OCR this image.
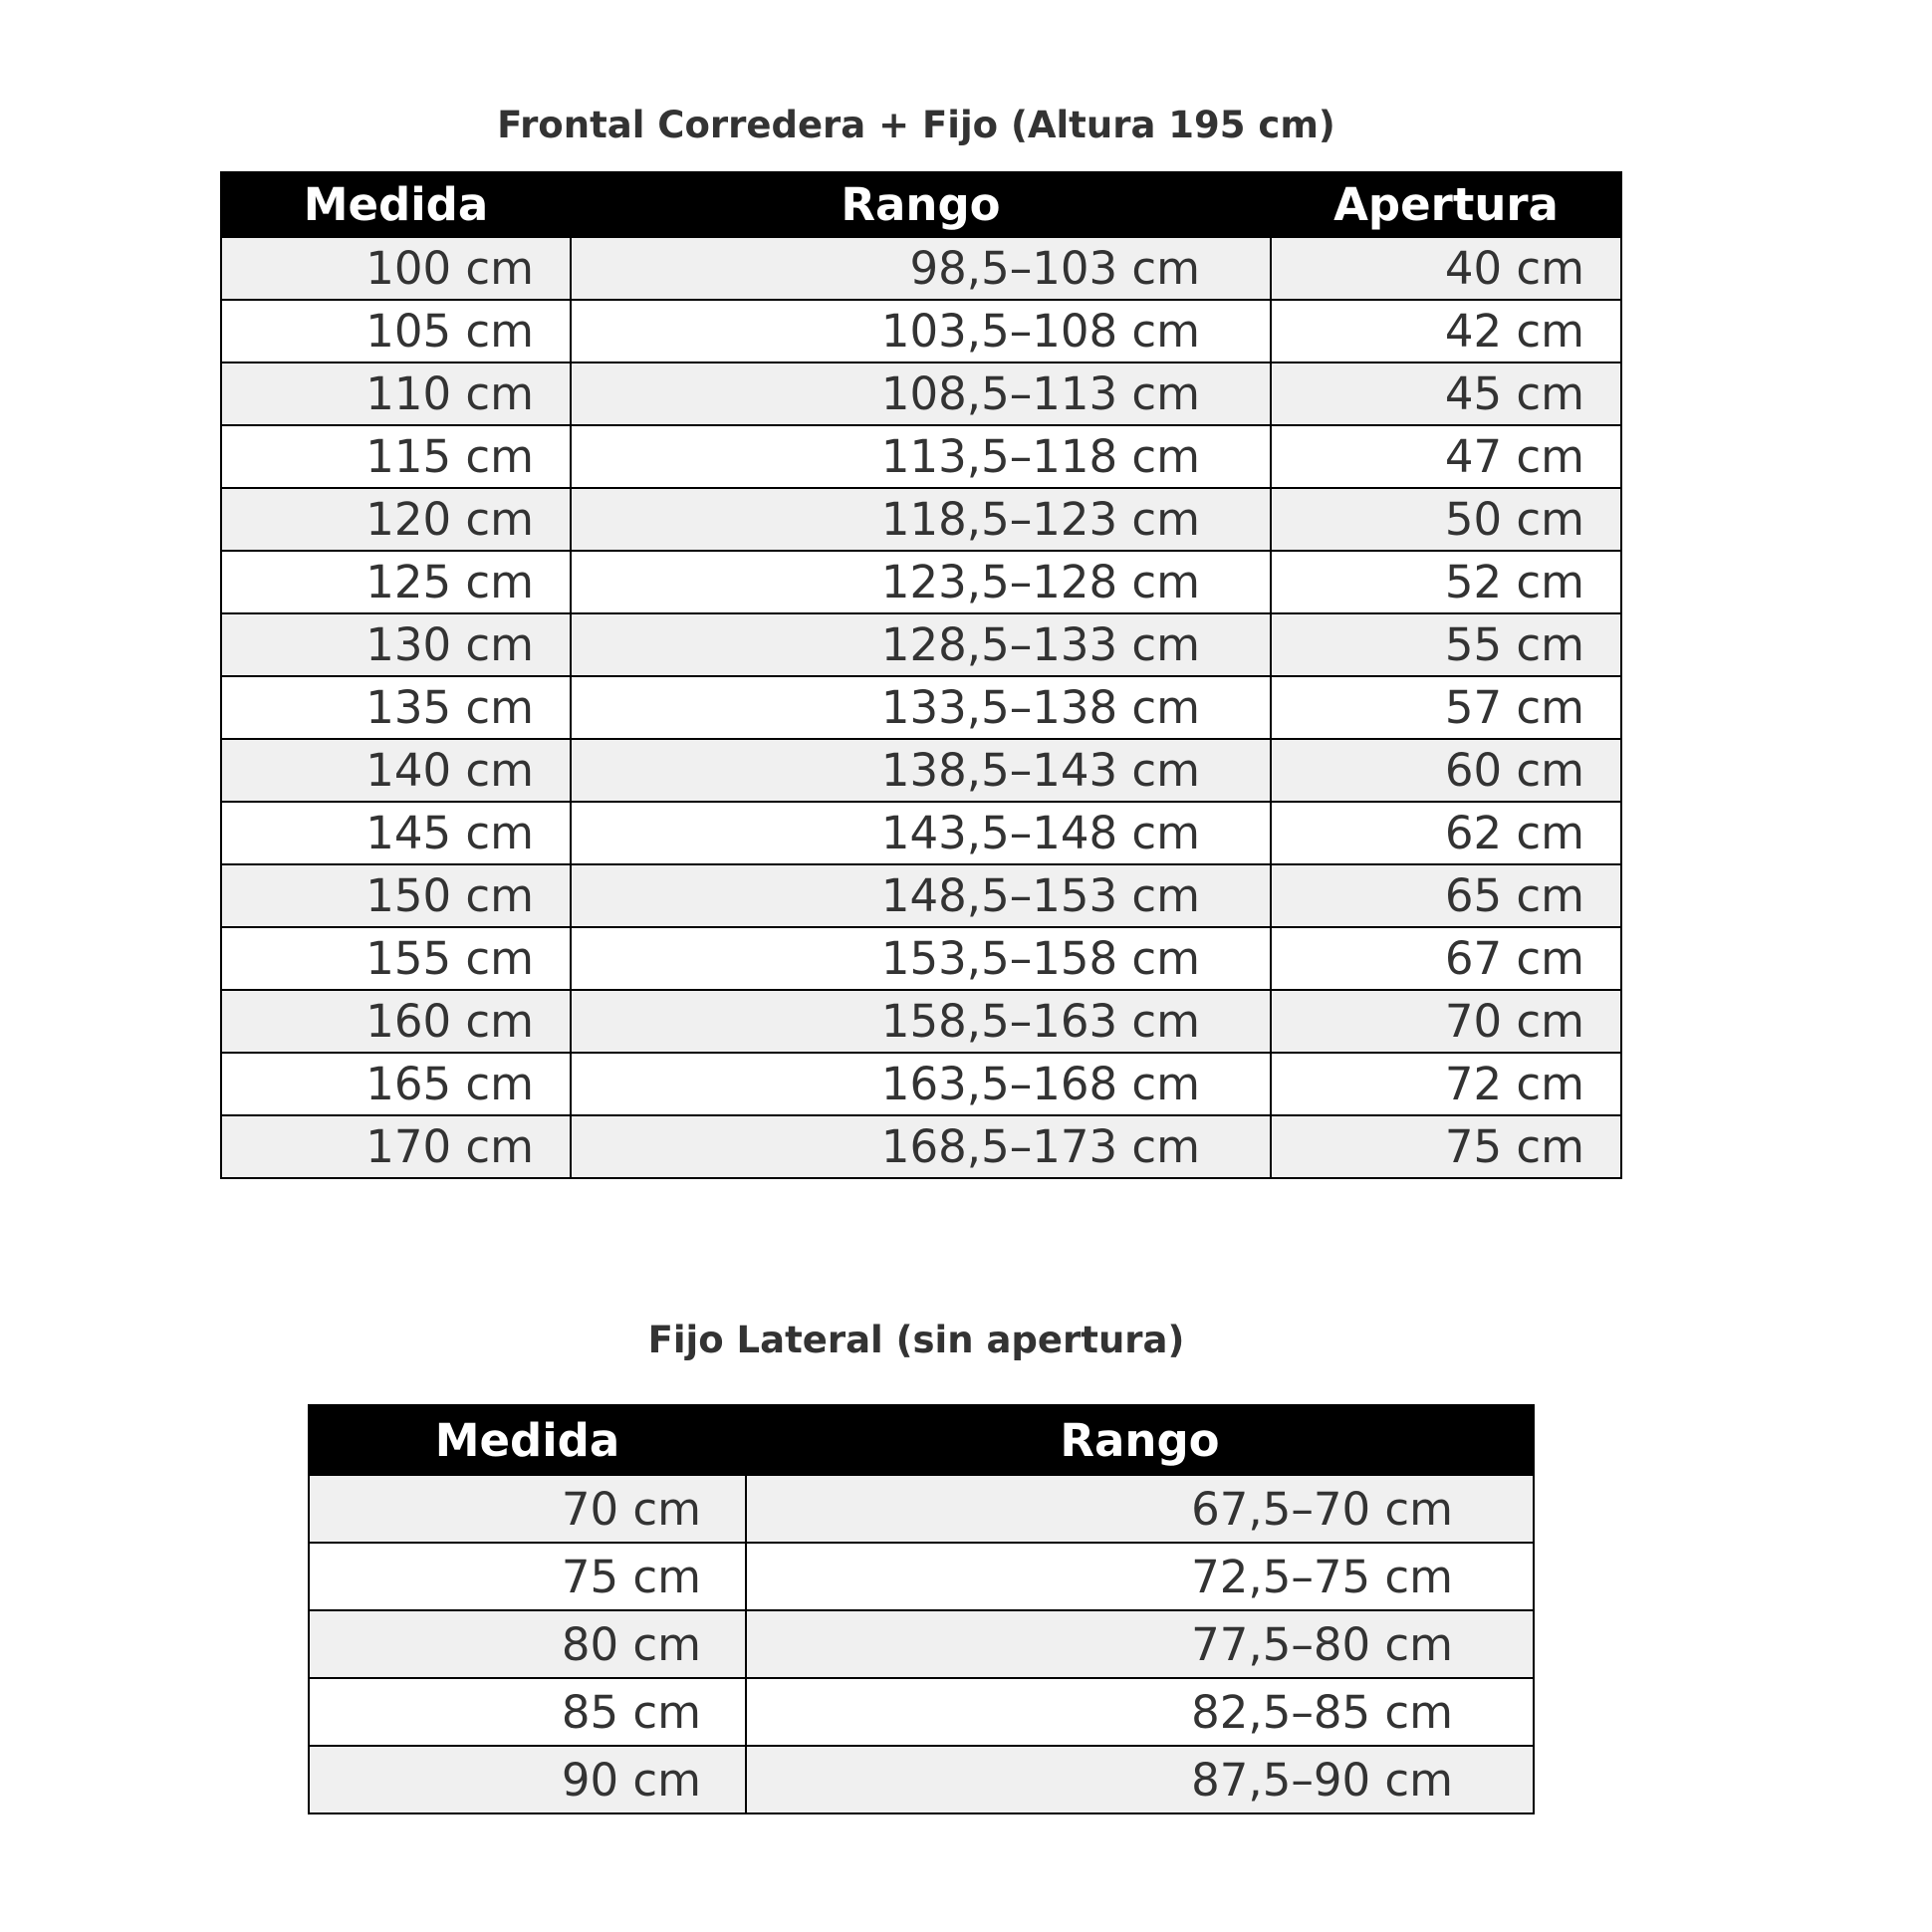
Frontal Corredera + Fijo (Altura 195 cm)
Medida	Rango	Apertura
100 cm	98,5–103 cm	40 cm
105 cm	103,5–108 cm	42 cm
110 cm	108,5–113 cm	45 cm
115 cm	113,5–118 cm	47 cm
120 cm	118,5–123 cm	50 cm
125 cm	123,5–128 cm	52 cm
130 cm	128,5–133 cm	55 cm
135 cm	133,5–138 cm	57 cm
140 cm	138,5–143 cm	60 cm
145 cm	143,5–148 cm	62 cm
150 cm	148,5–153 cm	65 cm
155 cm	153,5–158 cm	67 cm
160 cm	158,5–163 cm	70 cm
165 cm	163,5–168 cm	72 cm
170 cm	168,5–173 cm	75 cm
Fijo Lateral (sin apertura)
Medida	Rango
70 cm	67,5–70 cm
75 cm	72,5–75 cm
80 cm	77,5–80 cm
85 cm	82,5–85 cm
90 cm	87,5–90 cm
